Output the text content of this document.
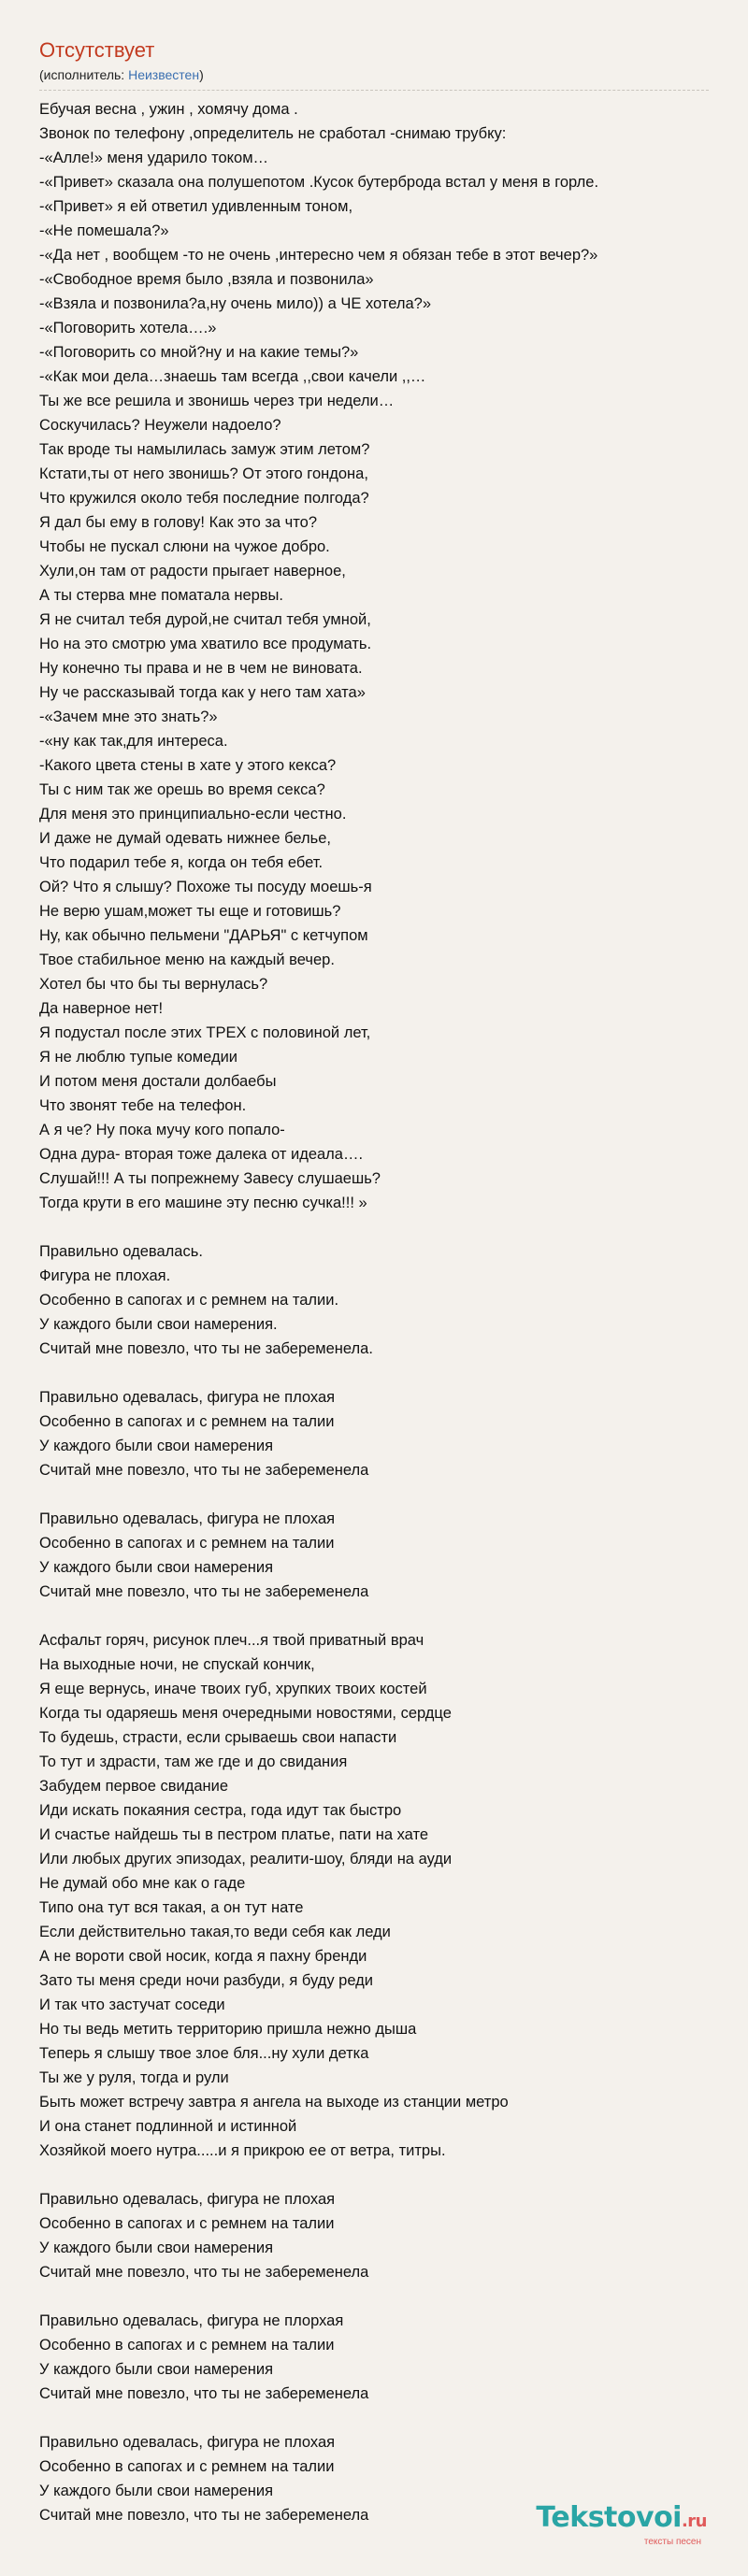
Отсутствует
(исполнитель: Неизвестен)
Ебучая весна , ужин , хомячу дома .
Звонок по телефону ,определитель не сработал -снимаю трубку:
-«Алле!» меня ударило током…
-«Привет» сказала она полушепотом .Кусок бутерброда встал у меня в горле.
-«Привет» я ей ответил удивленным тоном,
-«Не помешала?»
-«Да нет , вообщем -то не очень ,интересно чем я обязан тебе в этот вечер?»
-«Свободное время было ,взяла и позвонила»
-«Взяла и позвонила?а,ну очень мило)) а ЧЕ хотела?»
-«Поговорить хотела….»
-«Поговорить со мной?ну и на какие темы?»
-«Как мои дела…знаешь там всегда ,,свои качели ,,…
Ты же все решила и звонишь через три недели…
Соскучилась? Неужели надоело?
Так вроде ты намылилась замуж этим летом?
Кстати,ты от него звонишь? От этого гондона,
Что кружился около тебя последние полгода?
Я дал бы ему в голову! Как это за что?
Чтобы не пускал слюни на чужое добро.
Хули,он там от радости прыгает наверное,
А ты стерва мне поматала нервы.
Я не считал тебя дурой,не считал тебя умной,
Но на это смотрю ума хватило все продумать.
Ну конечно ты права и не в чем не виновата.
Ну че рассказывай тогда как у него там хата»
-«Зачем мне это знать?»
-«ну как так,для интереса.
-Какого цвета стены в хате у этого кекса?
Ты с ним так же орешь во время секса?
Для меня это принципиально-если честно.
И даже не думай одевать нижнее белье,
Что подарил тебе я, когда он тебя ебет.
Ой? Что я слышу? Похоже ты посуду моешь-я
Не верю ушам,может ты еще и готовишь?
Ну, как обычно пельмени "ДАРЬЯ" с кетчупом
Твое стабильное меню на каждый вечер.
Хотел бы что бы ты вернулась?
Да наверное нет!
Я подустал после этих ТРЕХ с половиной лет,
Я не люблю тупые комедии
И потом меня достали долбаебы
Что звонят тебе на телефон.
А я че? Ну пока мучу кого попало-
Одна дура- вторая тоже далека от идеала….
Слушай!!! А ты попрежнему Завесу слушаешь?
Тогда крути в его машине эту песню сучка!!! »
Правильно одевалась.
Фигура не плохая.
Особенно в сапогах и с ремнем на талии.
У каждого были свои намерения.
Считай мне повезло, что ты не забеременела.
Правильно одевалась, фигура не плохая
Особенно в сапогах и с ремнем на талии
У каждого были свои намерения
Считай мне повезло, что ты не забеременела
Правильно одевалась, фигура не плохая
Особенно в сапогах и с ремнем на талии
У каждого были свои намерения
Считай мне повезло, что ты не забеременела
Асфальт горяч, рисунок плеч...я твой приватный врач
На выходные ночи, не спускай кончик,
Я еще вернусь, иначе твоих губ, хрупких твоих костей
Когда ты одаряешь меня очередными новостями, сердце
То будешь, страсти, если срываешь свои напасти
То тут и здрасти, там же где и до свидания
Забудем первое свидание
Иди искать покаяния сестра, года идут так быстро
И счастье найдешь ты в пестром платье, пати на хате
Или любых других эпизодах, реалити-шоу, бляди на ауди
Не думай обо мне как о гаде
Типо она тут вся такая, а он тут нате
Если действительно такая,то веди себя как леди
А не вороти свой носик, когда я пахну бренди
Зато ты меня среди ночи разбуди, я буду реди
И так что застучат соседи
Но ты ведь метить территорию пришла нежно дыша
Теперь я слышу твое злое бля...ну хули детка
Ты же у руля, тогда и рули
Быть может встречу завтра я ангела на выходе из станции метро
И она станет подлинной и истинной
Хозяйкой моего нутра.....и я прикрою ее от ветра, титры.
Правильно одевалась, фигура не плохая
Особенно в сапогах и с ремнем на талии
У каждого были свои намерения
Считай мне повезло, что ты не забеременела
Правильно одевалась, фигура не плорхая
Особенно в сапогах и с ремнем на талии
У каждого были свои намерения
Считай мне повезло, что ты не забеременела
Правильно одевалась, фигура не плохая
Особенно в сапогах и с ремнем на талии
У каждого были свои намерения
Считай мне повезло, что ты не забеременела	Tekstovoi.ru
тексты песен
